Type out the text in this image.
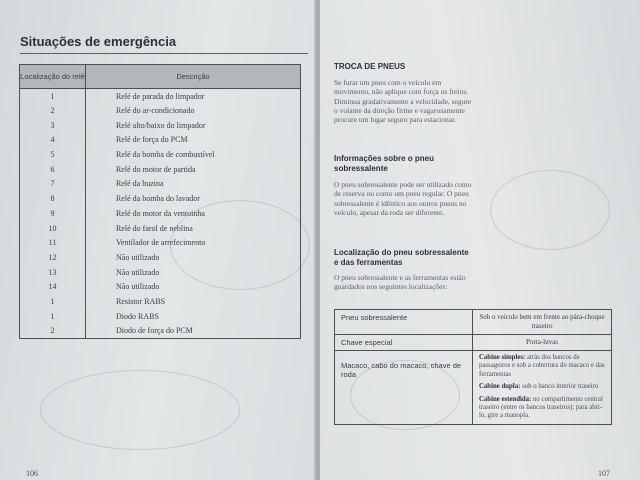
Situações de emergência
Localização do relé	Descrição
1	Relé de parada do limpador
2	Relé do ar-condicionado
3	Relé alto/baixo do limpador
4	Relé de força do PCM
5	Relé da bomba de combustível
6	Relé do motor de partida
7	Relé da buzina
8	Relé da bomba do lavador
9	Relé do motor da ventoinha
10	Relé do farol de neblina
11	Ventilador de arrefecimento
12	Não utilizado
13	Não utilizado
14	Não utilizado
1	Resistor RABS
1	Diodo RABS
2	Diodo de força do PCM
106
TROCA DE PNEUS
Se furar um pneu com o veículo em movimento, não aplique com força os freios. Diminua gradativamente a velocidade, segure o volante da direção firme e vagarosamente procure um lugar seguro para estacionar.
Informações sobre o pneu sobressalente
O pneu sobressalente pode ser utilizado como de reserva ou como um pneu regular. O pneu sobressalente é idêntico aos outros pneus no veículo, apesar da roda ser diferente.
Localização do pneu sobressalente e das ferramentas
O pneu sobressalente e as ferramentas estão guardados nos seguintes localizações:
Pneu sobressalente	Sob o veículo bem em frente ao pára-choque traseiro
Chave especial	Porta-luvas
Macaco, cabo do macaco, chave de roda	Cabine simples: atrás dos bancos de passageiros e sob a cobertura do macaco e das ferramentas
Cabine dupla: sob o banco interior traseiro
Cabine estendida: no compartimento central traseiro (entre os bancos traseiros); para abri-lo, gire a manopla.
107
